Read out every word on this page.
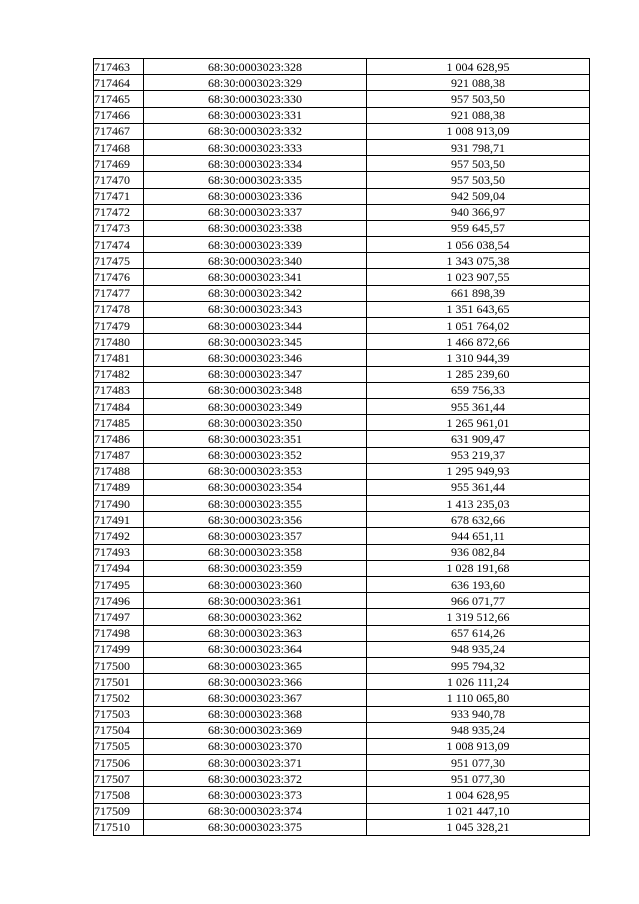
717463	68:30:0003023:328	1 004 628,95
717464	68:30:0003023:329	921 088,38
717465	68:30:0003023:330	957 503,50
717466	68:30:0003023:331	921 088,38
717467	68:30:0003023:332	1 008 913,09
717468	68:30:0003023:333	931 798,71
717469	68:30:0003023:334	957 503,50
717470	68:30:0003023:335	957 503,50
717471	68:30:0003023:336	942 509,04
717472	68:30:0003023:337	940 366,97
717473	68:30:0003023:338	959 645,57
717474	68:30:0003023:339	1 056 038,54
717475	68:30:0003023:340	1 343 075,38
717476	68:30:0003023:341	1 023 907,55
717477	68:30:0003023:342	661 898,39
717478	68:30:0003023:343	1 351 643,65
717479	68:30:0003023:344	1 051 764,02
717480	68:30:0003023:345	1 466 872,66
717481	68:30:0003023:346	1 310 944,39
717482	68:30:0003023:347	1 285 239,60
717483	68:30:0003023:348	659 756,33
717484	68:30:0003023:349	955 361,44
717485	68:30:0003023:350	1 265 961,01
717486	68:30:0003023:351	631 909,47
717487	68:30:0003023:352	953 219,37
717488	68:30:0003023:353	1 295 949,93
717489	68:30:0003023:354	955 361,44
717490	68:30:0003023:355	1 413 235,03
717491	68:30:0003023:356	678 632,66
717492	68:30:0003023:357	944 651,11
717493	68:30:0003023:358	936 082,84
717494	68:30:0003023:359	1 028 191,68
717495	68:30:0003023:360	636 193,60
717496	68:30:0003023:361	966 071,77
717497	68:30:0003023:362	1 319 512,66
717498	68:30:0003023:363	657 614,26
717499	68:30:0003023:364	948 935,24
717500	68:30:0003023:365	995 794,32
717501	68:30:0003023:366	1 026 111,24
717502	68:30:0003023:367	1 110 065,80
717503	68:30:0003023:368	933 940,78
717504	68:30:0003023:369	948 935,24
717505	68:30:0003023:370	1 008 913,09
717506	68:30:0003023:371	951 077,30
717507	68:30:0003023:372	951 077,30
717508	68:30:0003023:373	1 004 628,95
717509	68:30:0003023:374	1 021 447,10
717510	68:30:0003023:375	1 045 328,21
